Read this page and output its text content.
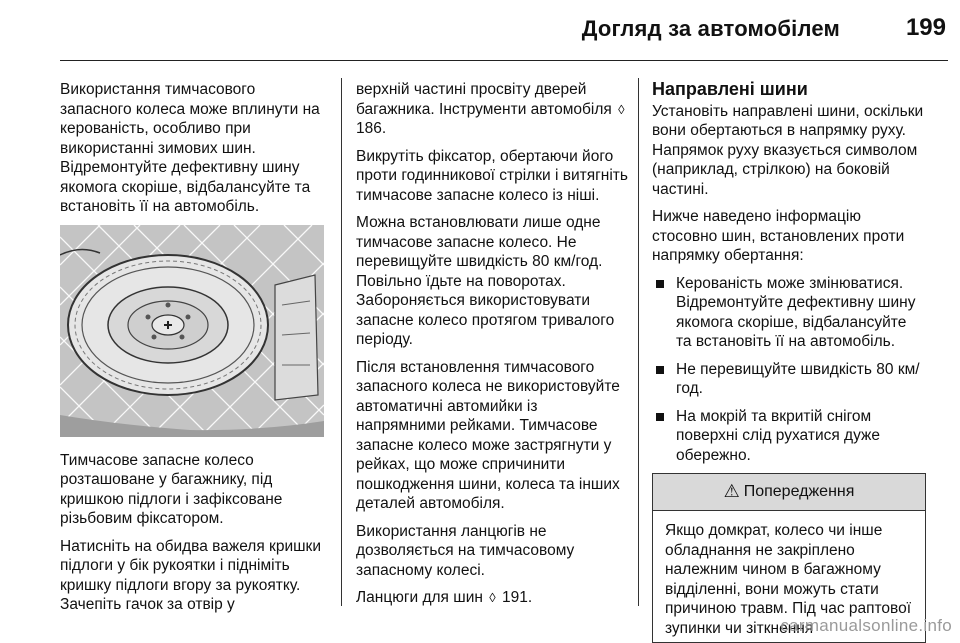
Догляд за автомобілем	199

Використання тимчасового запасного колеса може вплинути на керованість, особливо при використанні зимових шин. Відремонтуйте дефективну шину якомога скоріше, відбалансуйте та встановіть її на автомобіль.

Тимчасове запасне колесо розташоване у багажнику, під кришкою підлоги і зафіксоване різьбовим фіксатором.

Натисніть на обидва важеля кришки підлоги у бік рукоятки і підніміть кришку підлоги вгору за рукоятку. Зачепіть гачок за отвір у

верхній частині просвіту дверей багажника. Інструменти автомобіля ◊ 186.

Викрутіть фіксатор, обертаючи його проти годинникової стрілки і витягніть тимчасове запасне колесо із ніші.

Можна встановлювати лише одне тимчасове запасне колесо. Не перевищуйте швидкість 80 км/год. Повільно їдьте на поворотах. Забороняється використовувати запасне колесо протягом тривалого періоду.

Після встановлення тимчасового запасного колеса не використовуйте автоматичні автомийки із напрямними рейками. Тимчасове запасне колесо може застрягнути у рейках, що може спричинити пошкодження шини, колеса та інших деталей автомобіля.

Використання ланцюгів не дозволяється на тимчасовому запасному колесі.

Ланцюги для шин ◊ 191.

Направлені шини

Установіть направлені шини, оскільки вони обертаються в напрямку руху. Напрямок руху вказується символом (наприклад, стрілкою) на боковій частині.

Нижче наведено інформацію стосовно шин, встановлених проти напрямку обертання:

Керованість може змінюватися. Відремонтуйте дефективну шину якомога скоріше, відбалансуйте та встановіть її на автомобіль.
Не перевищуйте швидкість 80 км/год.
На мокрій та вкритій снігом поверхні слід рухатися дуже обережно.
⚠ Попередження
Якщо домкрат, колесо чи інше обладнання не закріплено належним чином в багажному відділенні, вони можуть стати причиною травм. Під час раптової зупинки чи зіткнення
carmanualsonline.info
